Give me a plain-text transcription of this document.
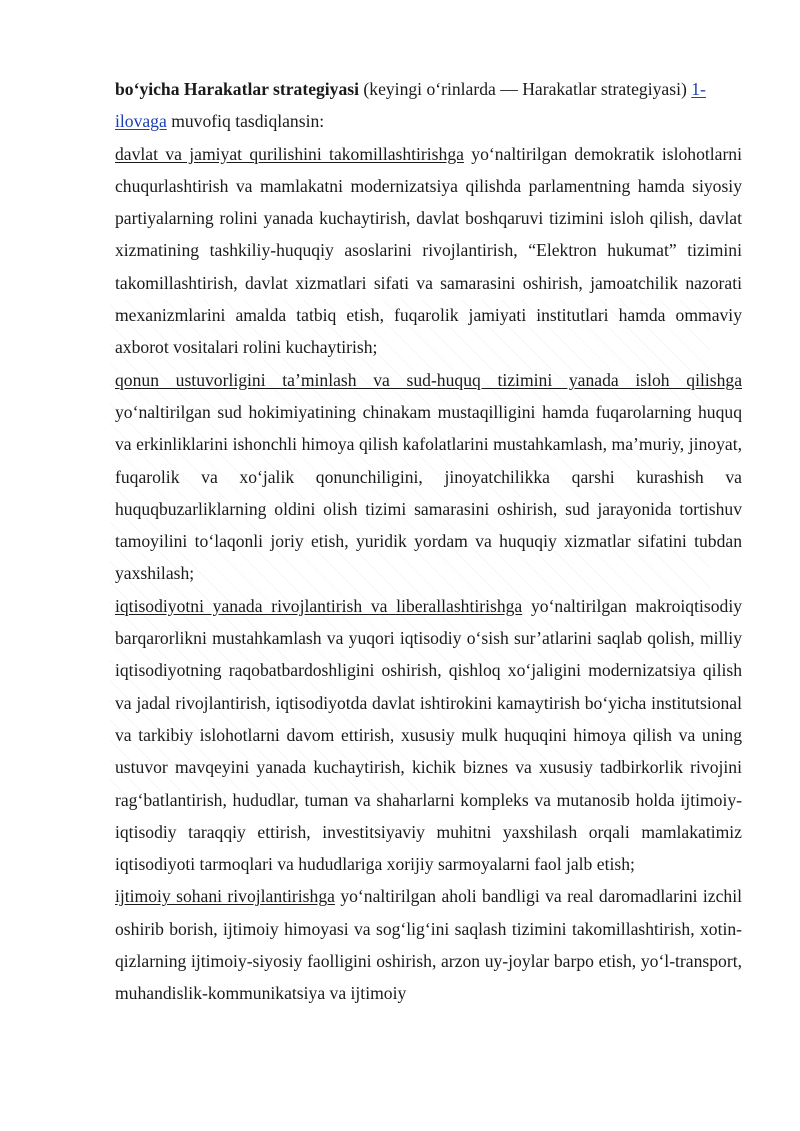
bo‘yicha Harakatlar strategiyasi (keyingi o‘rinlarda — Harakatlar strategiyasi) 1-ilovaga muvofiq tasdiqlansin:

davlat va jamiyat qurilishini takomillashtirishga yo‘naltirilgan demokratik islohotlarni chuqurlashtirish va mamlakatni modernizatsiya qilishda parlamentning hamda siyosiy partiyalarning rolini yanada kuchaytirish, davlat boshqaruvi tizimini isloh qilish, davlat xizmatining tashkiliy-huquqiy asoslarini rivojlantirish, “Elektron hukumat” tizimini takomillashtirish, davlat xizmatlari sifati va samarasini oshirish, jamoatchilik nazorati mexanizmlarini amalda tatbiq etish, fuqarolik jamiyati institutlari hamda ommaviy axborot vositalari rolini kuchaytirish;

qonun ustuvorligini ta’minlash va sud-huquq tizimini yanada isloh qilishga yo‘naltirilgan sud hokimiyatining chinakam mustaqilligini hamda fuqarolarning huquq va erkinliklarini ishonchli himoya qilish kafolatlarini mustahkamlash, ma’muriy, jinoyat, fuqarolik va xo‘jalik qonunchiligini, jinoyatchilikka qarshi kurashish va huquqbuzarliklarning oldini olish tizimi samarasini oshirish, sud jarayonida tortishuv tamoyilini to‘laqonli joriy etish, yuridik yordam va huquqiy xizmatlar sifatini tubdan yaxshilash;

iqtisodiyotni yanada rivojlantirish va liberallashtirishga yo‘naltirilgan makroiqtisodiy barqarorlikni mustahkamlash va yuqori iqtisodiy o‘sish sur’atlarini saqlab qolish, milliy iqtisodiyotning raqobatbardoshligini oshirish, qishloq xo‘jaligini modernizatsiya qilish va jadal rivojlantirish, iqtisodiyotda davlat ishtirokini kamaytirish bo‘yicha institutsional va tarkibiy islohotlarni davom ettirish, xususiy mulk huquqini himoya qilish va uning ustuvor mavqeyini yanada kuchaytirish, kichik biznes va xususiy tadbirkorlik rivojini rag‘batlantirish, hududlar, tuman va shaharlarni kompleks va mutanosib holda ijtimoiy-iqtisodiy taraqqiy ettirish, investitsiyaviy muhitni yaxshilash orqali mamlakatimiz iqtisodiyoti tarmoqlari va hududlariga xorijiy sarmoyalarni faol jalb etish;

ijtimoiy sohani rivojlantirishga yo‘naltirilgan aholi bandligi va real daromadlarini izchil oshirib borish, ijtimoiy himoyasi va sog‘lig‘ini saqlash tizimini takomillashtirish, xotin-qizlarning ijtimoiy-siyosiy faolligini oshirish, arzon uy-joylar barpo etish, yo‘l-transport, muhandislik-kommunikatsiya va ijtimoiy
